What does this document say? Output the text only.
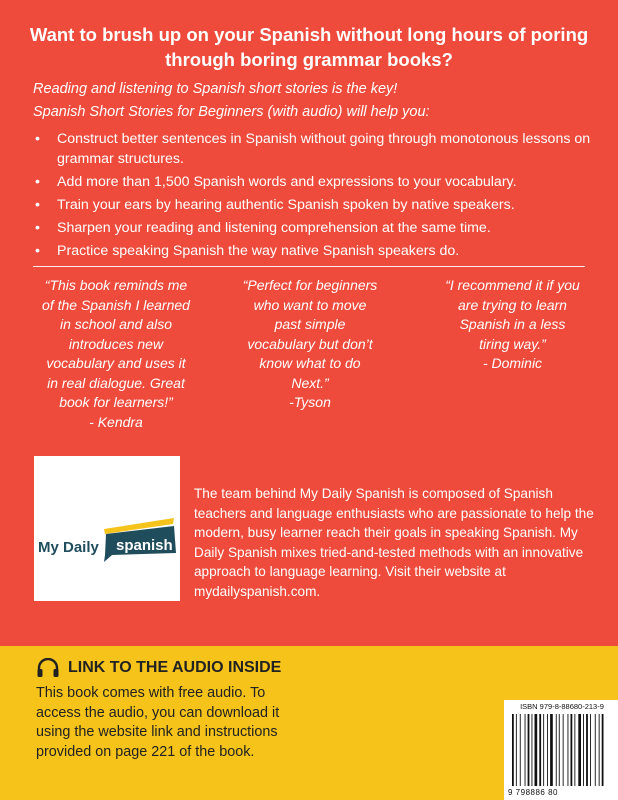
Want to brush up on your Spanish without long hours of poring
through boring grammar books?
Reading and listening to Spanish short stories is the key!
Spanish Short Stories for Beginners (with audio) will help you:
• Construct better sentences in Spanish without going through monotonous lessons on grammar structures.
• Add more than 1,500 Spanish words and expressions to your vocabulary.
• Train your ears by hearing authentic Spanish spoken by native speakers.
• Sharpen your reading and listening comprehension at the same time.
• Practice speaking Spanish the way native Spanish speakers do.
“This book reminds me of the Spanish I learned in school and also introduces new vocabulary and uses it in real dialogue. Great book for learners!”
- Kendra
“Perfect for beginners who want to move past simple vocabulary but don’t know what to do Next.”
-Tyson
“I recommend it if you are trying to learn Spanish in a less tiring way.”
- Dominic
My Daily spanish
The team behind My Daily Spanish is composed of Spanish teachers and language enthusiasts who are passionate to help the modern, busy learner reach their goals in speaking Spanish. My Daily Spanish mixes tried-and-tested methods with an innovative approach to language learning. Visit their website at mydailyspanish.com.
LINK TO THE AUDIO INSIDE
This book comes with free audio. To access the audio, you can download it using the website link and instructions provided on page 221 of the book.
ISBN 979-8-88680-213-9
9 798886 80
